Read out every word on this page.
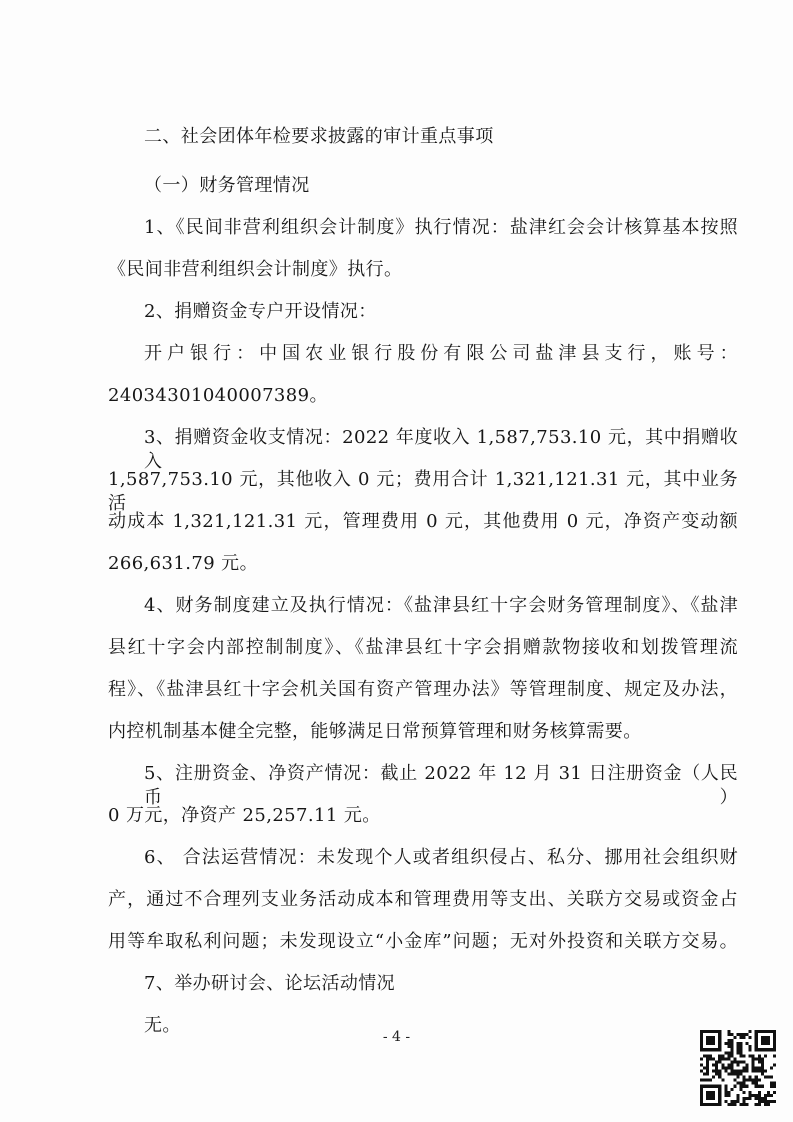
二、社会团体年检要求披露的审计重点事项
（一）财务管理情况
1、《民间非营利组织会计制度》执行情况：盐津红会会计核算基本按照
《民间非营利组织会计制度》执行。
2、捐赠资金专户开设情况：
开户银行：中国农业银行股份有限公司盐津县支行，账号：
24034301040007389。
3、捐赠资金收支情况：2022 年度收入 1,587,753.10 元，其中捐赠收入
1,587,753.10 元，其他收入 0 元；费用合计 1,321,121.31 元，其中业务活
动成本 1,321,121.31 元，管理费用 0 元，其他费用 0 元，净资产变动额
266,631.79 元。
4、财务制度建立及执行情况：《盐津县红十字会财务管理制度》、《盐津
县红十字会内部控制制度》、《盐津县红十字会捐赠款物接收和划拨管理流
程》、《盐津县红十字会机关国有资产管理办法》等管理制度、规定及办法，
内控机制基本健全完整，能够满足日常预算管理和财务核算需要。
5、注册资金、净资产情况：截止 2022 年 12 月 31 日注册资金（人民币）
0 万元，净资产 25,257.11 元。
6、 合法运营情况：未发现个人或者组织侵占、私分、挪用社会组织财
产，通过不合理列支业务活动成本和管理费用等支出、关联方交易或资金占
用等牟取私利问题；未发现设立“小金库”问题；无对外投资和关联方交易。
7、举办研讨会、论坛活动情况
无。
- 4 -
